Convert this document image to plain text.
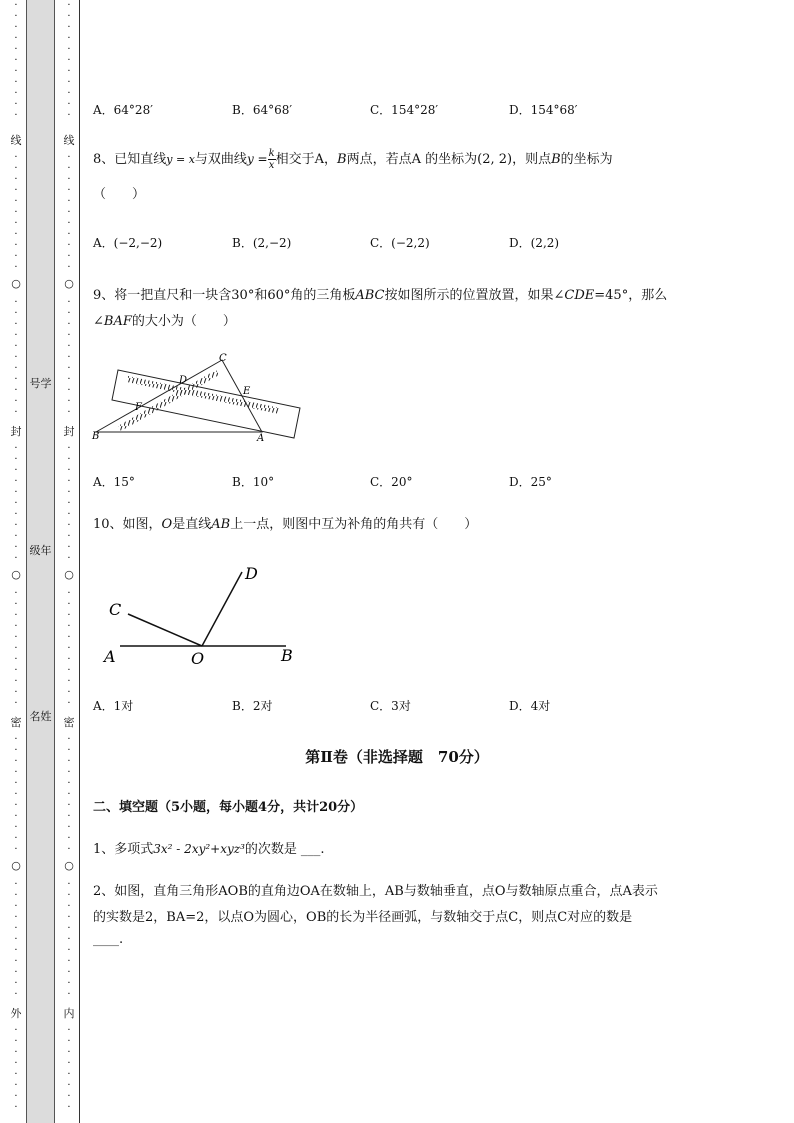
·
·
·
·
·
·
·
·
·
·
·
线
·
·
·
·
·
·
·
·
·
·
·
○
·
·
·
·
·
·
·
·
·
·
·
封
·
·
·
·
·
·
·
·
·
·
·
○
·
·
·
·
·
·
·
·
·
·
·
密
·
·
·
·
·
·
·
·
·
·
·
○
·
·
·
·
·
·
·
·
·
·
·
外
·
·
·
·
·
·
·
·
号学
级年
名姓
·
·
·
·
·
·
·
·
·
·
·
线
·
·
·
·
·
·
·
·
·
·
·
○
·
·
·
·
·
·
·
·
·
·
·
封
·
·
·
·
·
·
·
·
·
·
·
○
·
·
·
·
·
·
·
·
·
·
·
密
·
·
·
·
·
·
·
·
·
·
·
○
·
·
·
·
·
·
·
·
·
·
·
内
·
·
·
·
·
·
·
·
A．64°28′	B．64°68′	C．154°28′	D．154°68′
8、已知直线y = x与双曲线$y = \frac{k}{x}$ 相交于A，B两点，若点A 的坐标为(2, 2)，则点B的坐标为
（　　）
A．(−2,−2)	B．(2,−2)	C．(−2,2)	D．(2,2)
9、将一把直尺和一块含30°和60°角的三角板ABC按如图所示的位置放置，如果∠CDE=45°，那么
∠BAF的大小为（　　）
C
D
E
F
B	A
A．15°	B．10°	C．20°	D．25°
10、如图，O是直线AB上一点，则图中互为补角的角共有（　　）
D
C
A	O	B
A．1对	B．2对	C．3对	D．4对
第Ⅱ卷（非选择题　70分）
二、填空题（5小题，每小题4分，共计20分）
1、多项式3x² - 2xy²+xyz³的次数是 ___.
2、如图，直角三角形AOB的直角边OA在数轴上，AB与数轴垂直，点O与数轴原点重合，点A表示
的实数是2，BA=2，以点O为圆心，OB的长为半径画弧，与数轴交于点C，则点C对应的数是
____.
